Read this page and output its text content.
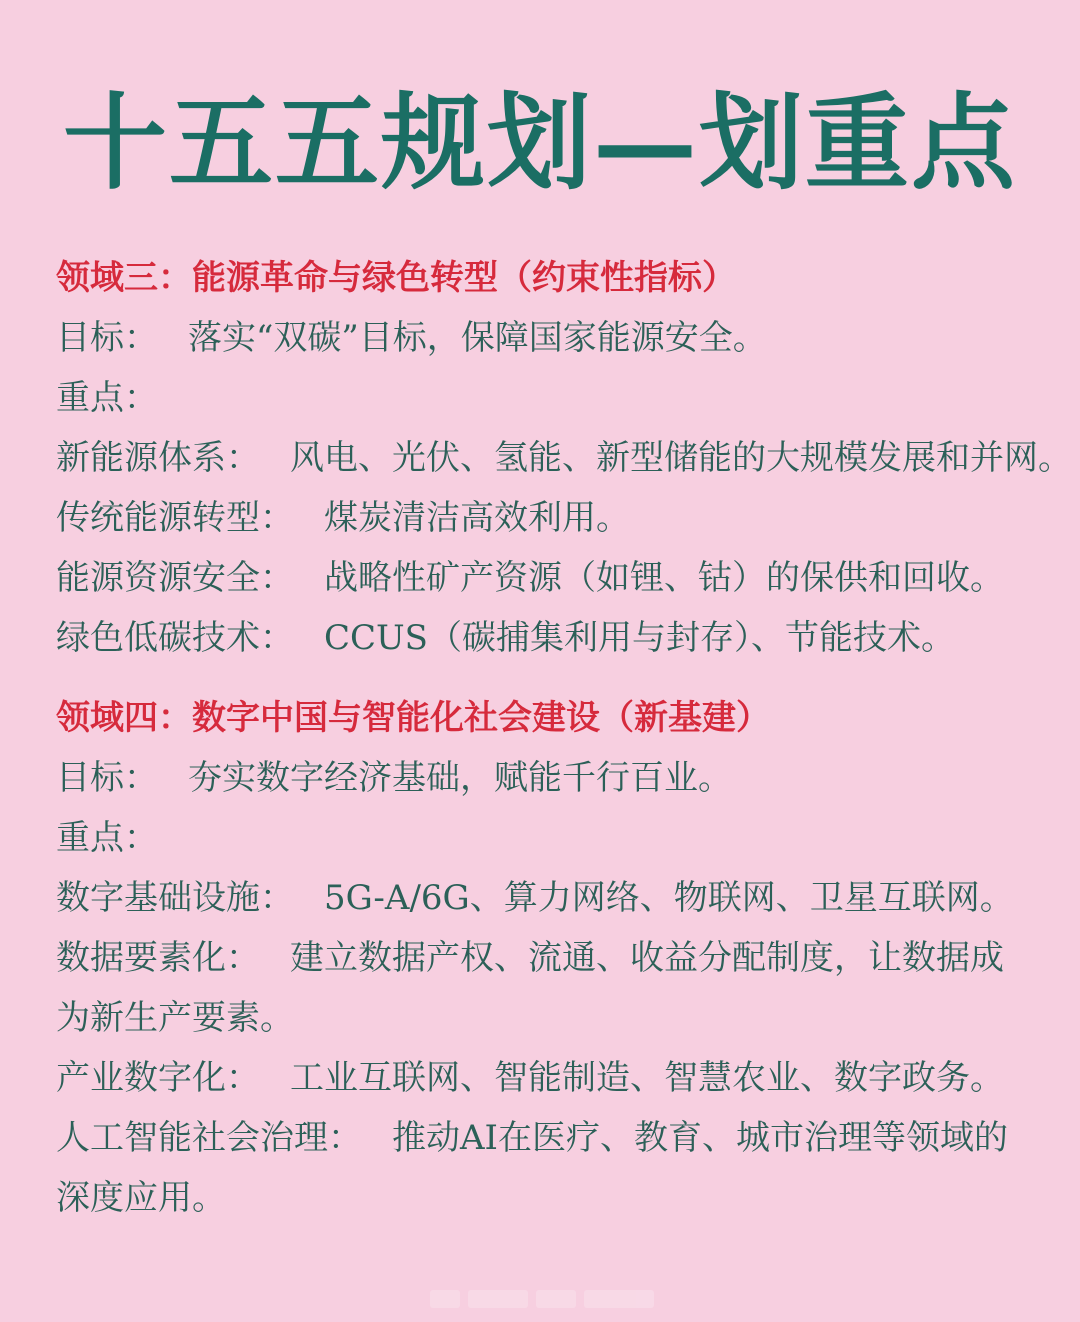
十五五规划—划重点
领域三：能源革命与绿色转型（约束性指标）
目标： 落实“双碳”目标，保障国家能源安全。
重点：
新能源体系： 风电、光伏、氢能、新型储能的大规模发展和并网。
传统能源转型： 煤炭清洁高效利用。
能源资源安全： 战略性矿产资源（如锂、钴）的保供和回收。
绿色低碳技术： CCUS（碳捕集利用与封存）、节能技术。
领域四：数字中国与智能化社会建设（新基建）
目标： 夯实数字经济基础，赋能千行百业。
重点：
数字基础设施： 5G-A/6G、算力网络、物联网、卫星互联网。
数据要素化： 建立数据产权、流通、收益分配制度，让数据成为新生产要素。
产业数字化： 工业互联网、智能制造、智慧农业、数字政务。
人工智能社会治理： 推动AI在医疗、教育、城市治理等领域的深度应用。
